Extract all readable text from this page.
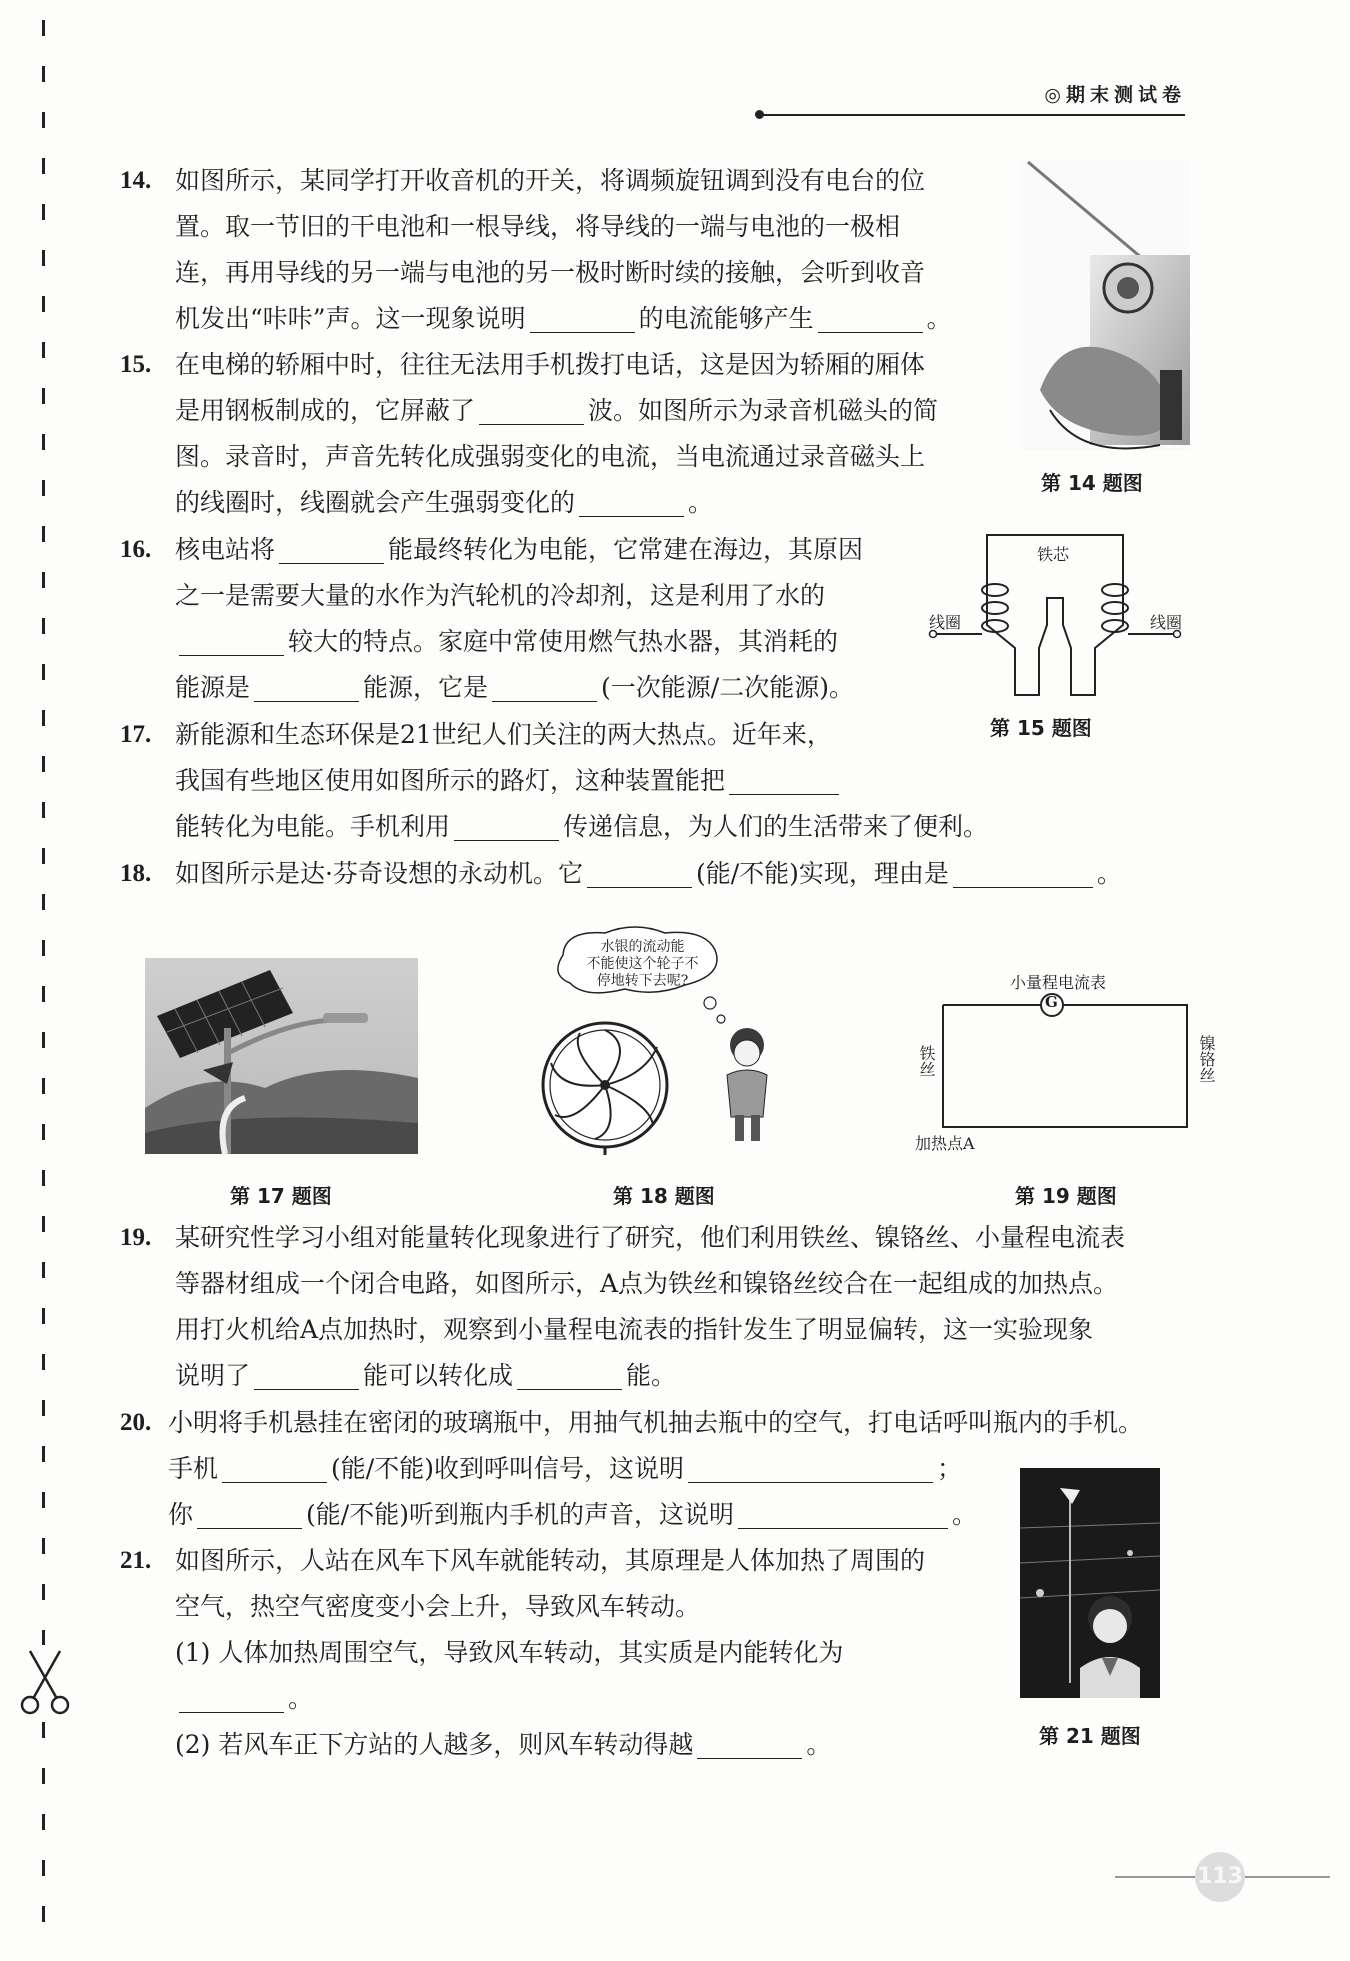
◎期末测试卷
14. 如图所示，某同学打开收音机的开关，将调频旋钮调到没有电台的位
置。取一节旧的干电池和一根导线，将导线的一端与电池的一极相
连，再用导线的另一端与电池的另一极时断时续的接触，会听到收音
机发出“咔咔”声。这一现象说明	的电流能够产生	。
15. 在电梯的轿厢中时，往往无法用手机拨打电话，这是因为轿厢的厢体
是用钢板制成的，它屏蔽了	波。如图所示为录音机磁头的简
图。录音时，声音先转化成强弱变化的电流，当电流通过录音磁头上
的线圈时，线圈就会产生强弱变化的	。
16. 核电站将	能最终转化为电能，它常建在海边，其原因
之一是需要大量的水作为汽轮机的冷却剂，这是利用了水的
较大的特点。家庭中常使用燃气热水器，其消耗的
能源是	能源，它是	(一次能源/二次能源)。
17. 新能源和生态环保是21世纪人们关注的两大热点。近年来，
我国有些地区使用如图所示的路灯，这种装置能把
能转化为电能。手机利用	传递信息，为人们的生活带来了便利。
18. 如图所示是达·芬奇设想的永动机。它	(能/不能)实现，理由是	。
19. 某研究性学习小组对能量转化现象进行了研究，他们利用铁丝、镍铬丝、小量程电流表
等器材组成一个闭合电路，如图所示，A点为铁丝和镍铬丝绞合在一起组成的加热点。
用打火机给A点加热时，观察到小量程电流表的指针发生了明显偏转，这一实验现象
说明了	能可以转化成	能。
20. 小明将手机悬挂在密闭的玻璃瓶中，用抽气机抽去瓶中的空气，打电话呼叫瓶内的手机。
手机	(能/不能)收到呼叫信号，这说明	；
你	(能/不能)听到瓶内手机的声音，这说明	。
21. 如图所示，人站在风车下风车就能转动，其原理是人体加热了周围的
空气，热空气密度变小会上升，导致风车转动。
(1) 人体加热周围空气，导致风车转动，其实质是内能转化为
。
(2) 若风车正下方站的人越多，则风车转动得越	。
第 14 题图
铁芯
线圈	线圈
第 15 题图
第 17 题图
水银的流动能
不能使这个轮子不
停地转下去呢?
第 18 题图
G
小量程电流表
铁丝	镍铬丝
加热点A
第 19 题图
第 21 题图
113
